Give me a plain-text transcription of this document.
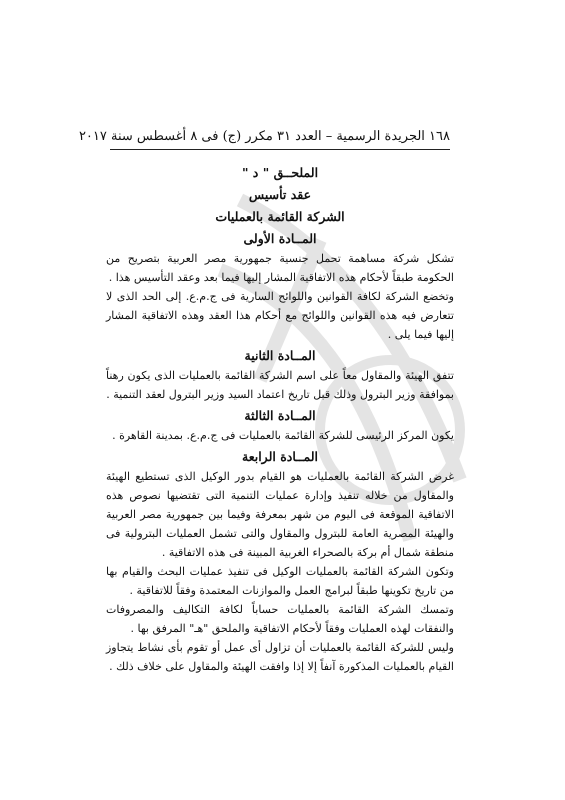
١٦٨ الجريدة الرسمية – العدد ٣١ مكرر (ج) فى ٨ أغسطس سنة ٢٠١٧
الملحــق " د "
عقد تأسيس
الشركة القائمة بالعمليات
المــادة الأولى

تشكل شركة مساهمة تحمل جنسية جمهورية مصر العربية بتصريح من الحكومة طبقاً لأحكام هذه الاتفاقية المشار إليها فيما بعد وعقد التأسيس هذا .

وتخضع الشركة لكافة القوانين واللوائح السارية فى ج.م.ع. إلى الحد الذى لا تتعارض فيه هذه القوانين واللوائح مع أحكام هذا العقد وهذه الاتفاقية المشار إليها فيما يلى .

المــادة الثانية

تتفق الهيئة والمقاول معاً على اسم الشركة القائمة بالعمليات الذى يكون رهناً بموافقة وزير البترول وذلك قبل تاريخ اعتماد السيد وزير البترول لعقد التنمية .

المــادة الثالثة

يكون المركز الرئيسى للشركة القائمة بالعمليات فى ج.م.ع. بمدينة القاهرة .

المــادة الرابعة

غرض الشركة القائمة بالعمليات هو القيام بدور الوكيل الذى تستطيع الهيئة والمقاول من خلاله تنفيذ وإدارة عمليات التنمية التى تقتضيها نصوص هذه الاتفاقية الموقعة فى اليوم من شهر بمعرفة وفيما بين جمهورية مصر العربية والهيئة المصرية العامة للبترول والمقاول والتى تشمل العمليات البترولية فى منطقة شمال أم بركة بالصحراء الغربية المبينة فى هذه الاتفاقية .

وتكون الشركة القائمة بالعمليات الوكيل فى تنفيذ عمليات البحث والقيام بها من تاريخ تكوينها طبقاً لبرامج العمل والموازنات المعتمدة وفقاً للاتفاقية .

وتمسك الشركة القائمة بالعمليات حساباً لكافة التكاليف والمصروفات والنفقات لهذه العمليات وفقاً لأحكام الاتفاقية والملحق "هـ" المرفق بها .

وليس للشركة القائمة بالعمليات أن تزاول أى عمل أو تقوم بأى نشاط يتجاوز القيام بالعمليات المذكورة آنفاً إلا إذا وافقت الهيئة والمقاول على خلاف ذلك .
